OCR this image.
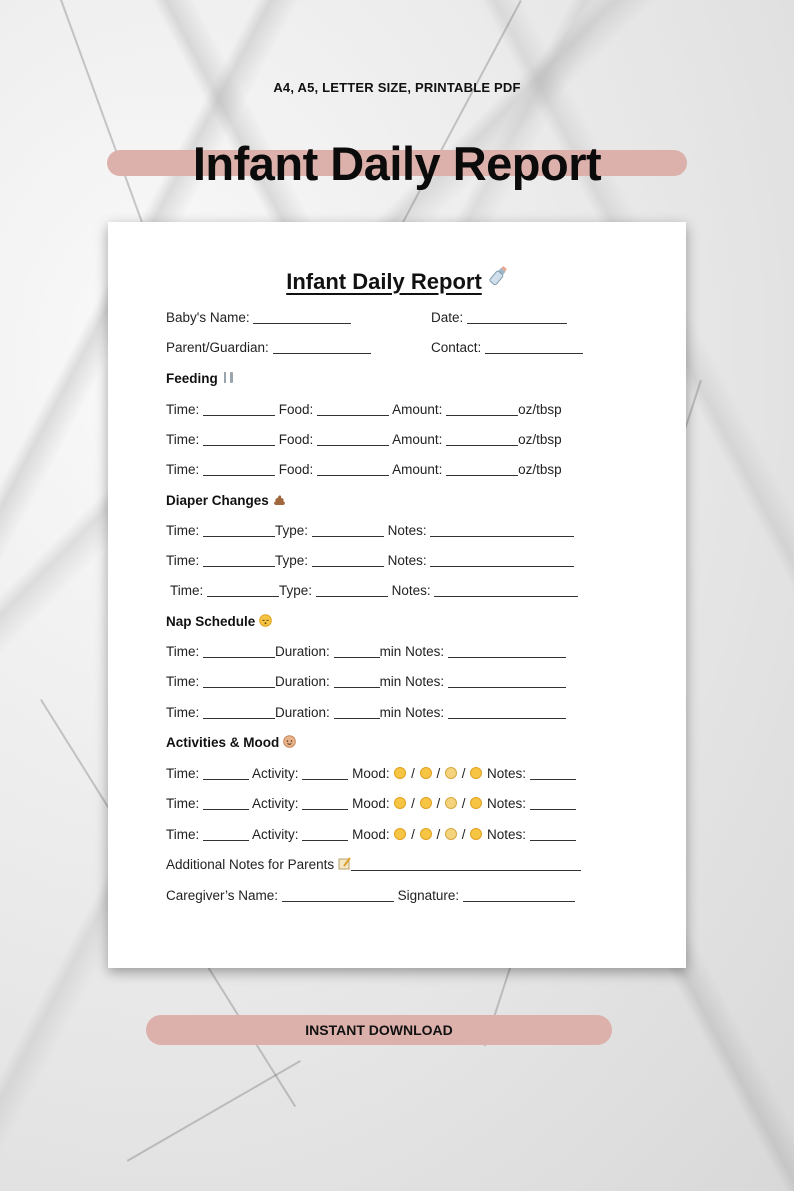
A4, A5, LETTER SIZE, PRINTABLE PDF
Infant Daily Report
Infant Daily Report
Baby's Name:	Date:
Parent/Guardian:	Contact:
Feeding
Time:	Food:	Amount:	oz/tbsp
Time:	Food:	Amount:	oz/tbsp
Time:	Food:	Amount:	oz/tbsp
Diaper Changes
Time:	Type:	Notes:
Time:	Type:	Notes:
Time:	Type:	Notes:
Nap Schedule
Time:	Duration:	min Notes:
Time:	Duration:	min Notes:
Time:	Duration:	min Notes:
Activities & Mood
Time:	Activity:	Mood: / / / Notes:
Time:	Activity:	Mood: / / / Notes:
Time:	Activity:	Mood: / / / Notes:
Additional Notes for Parents
Caregiver’s Name:	Signature:
INSTANT DOWNLOAD
